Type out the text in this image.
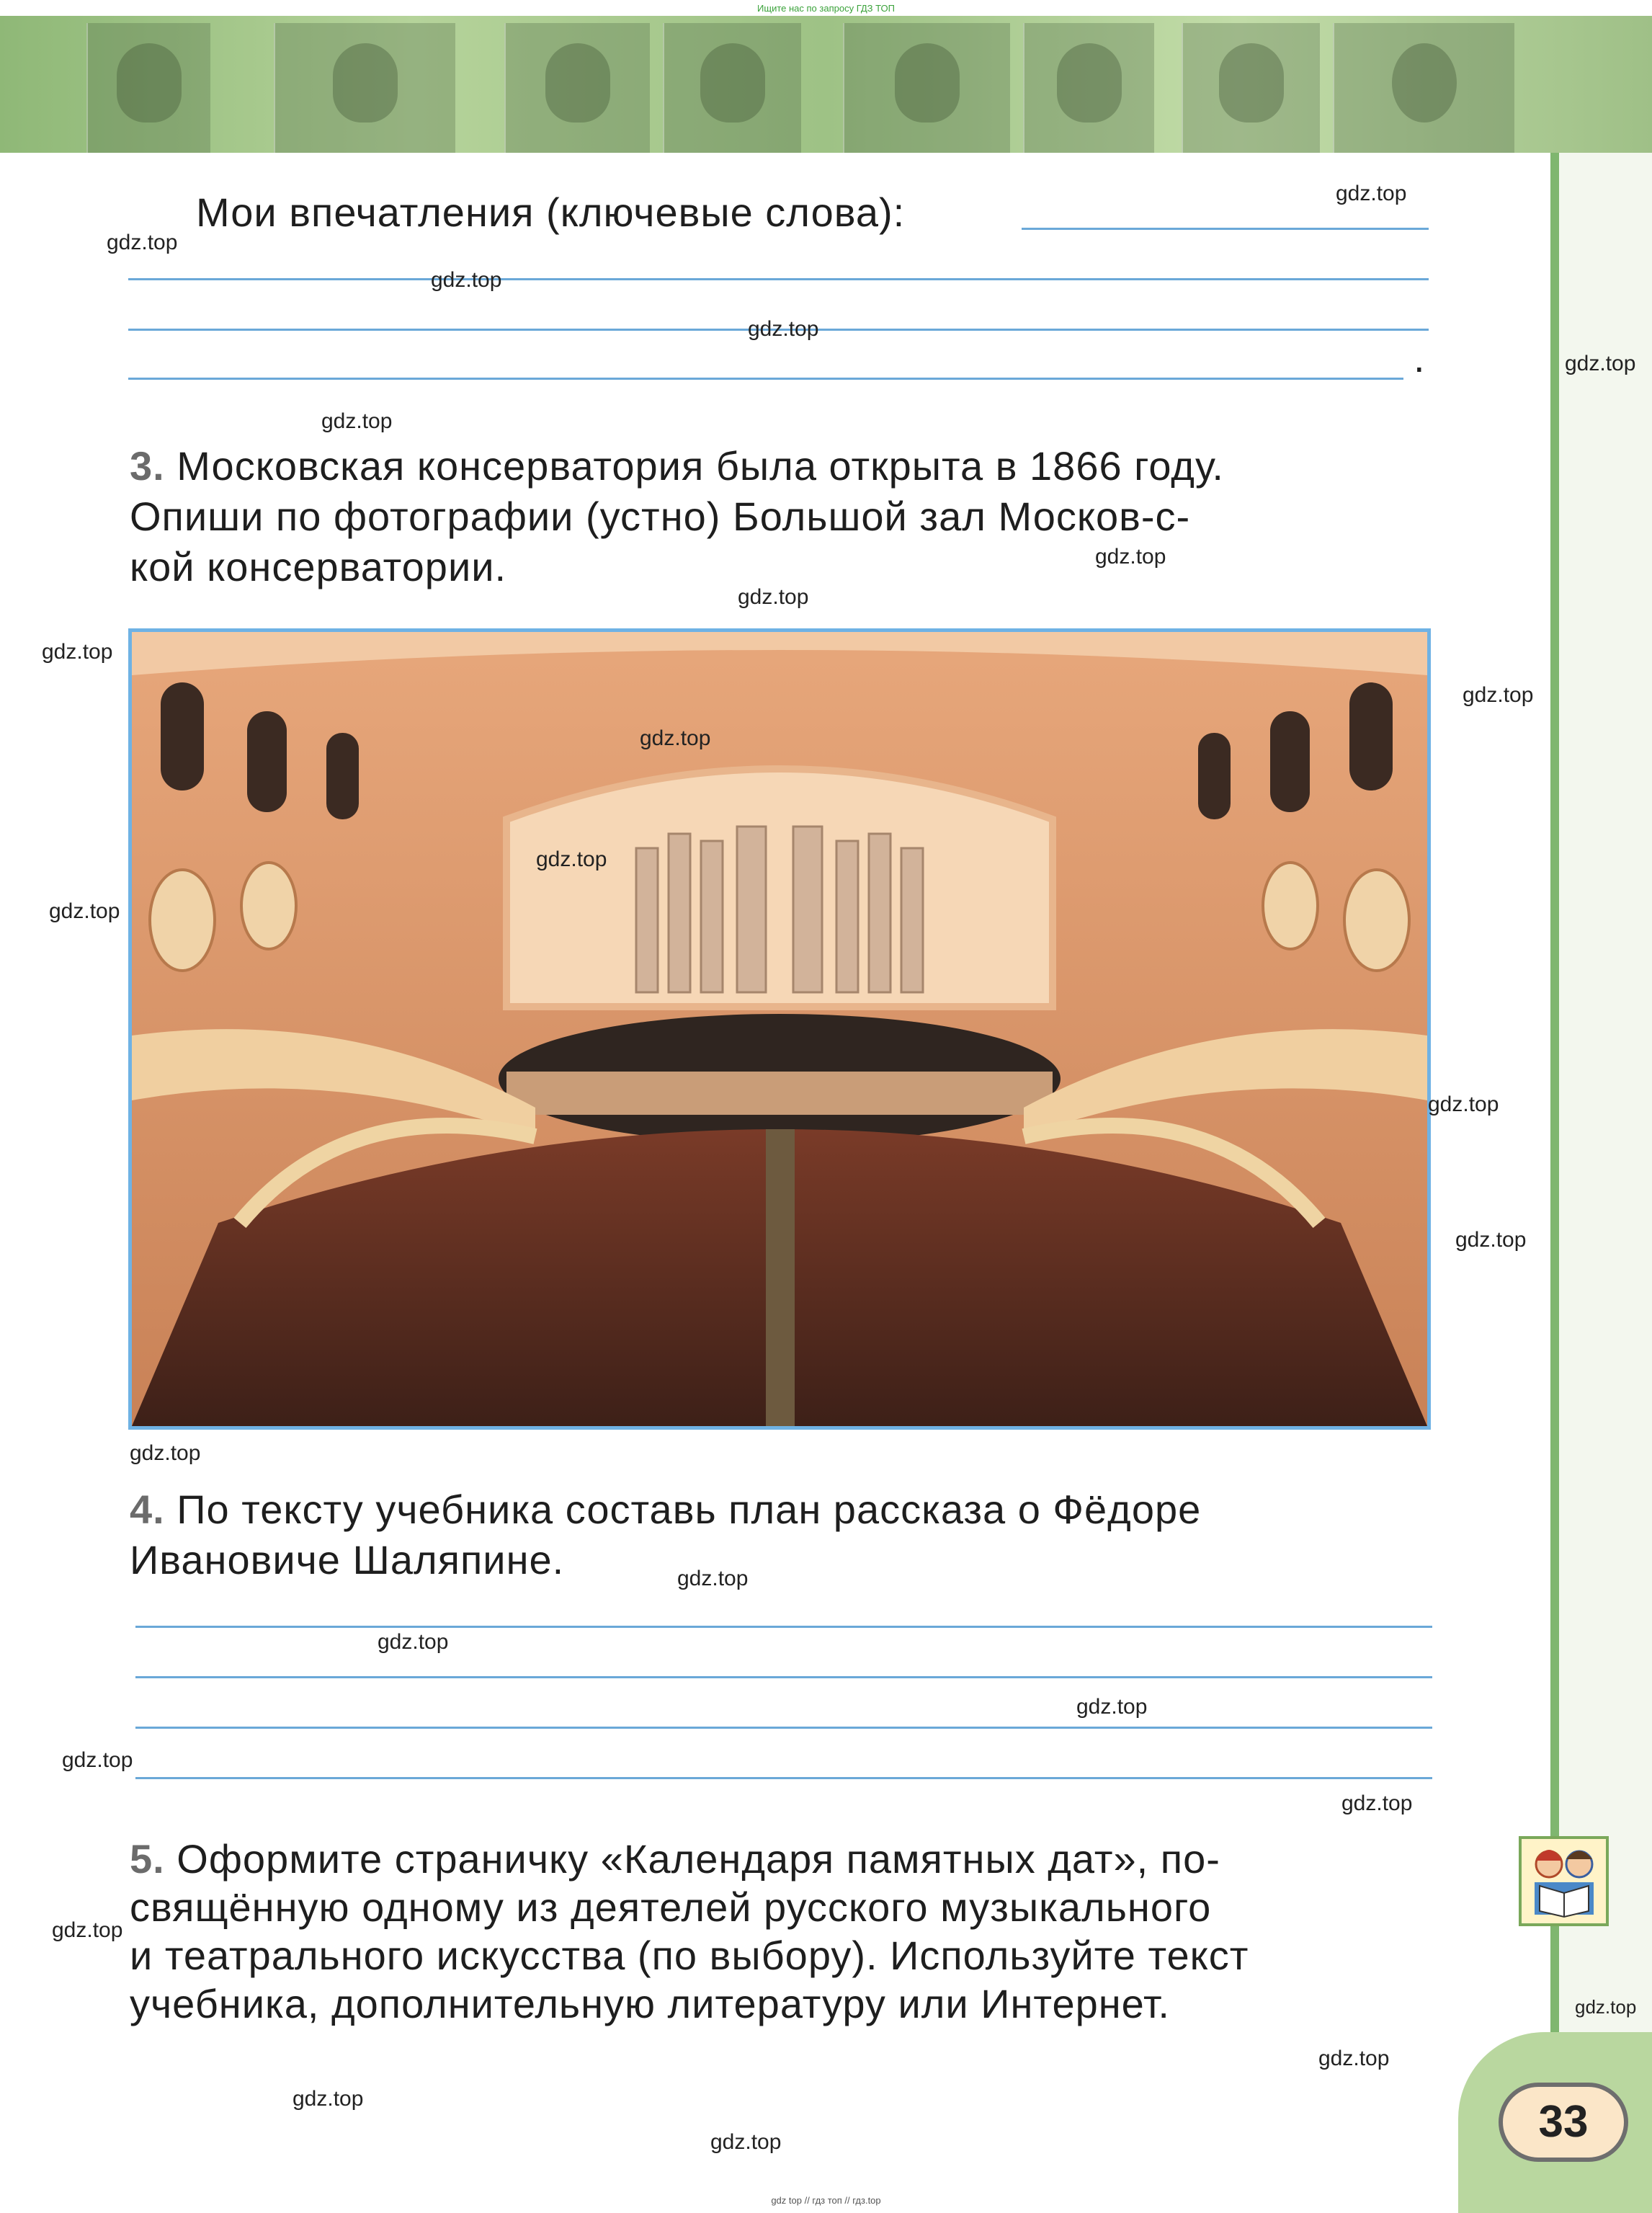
Ищите нас по запросу ГДЗ ТОП
Мои впечатления (ключевые слова):
.
3. Московская консерватория была открыта в 1866 году.
Опиши по фотографии (устно) Большой зал Москов-с-
кой консерватории.
4. По тексту учебника составь план рассказа о Фёдоре
Ивановиче Шаляпине.
5. Оформите страничку «Календаря памятных дат», по-
свящённую одному из деятелей русского музыкального
и театрального искусства (по выбору). Используйте текст
учебника, дополнительную литературу или Интернет.
33
gdz.top
gdz.top
gdz.top
gdz.top
gdz.top
gdz.top
gdz.top
gdz.top
gdz.top
gdz.top
gdz.top
gdz.top
gdz.top
gdz.top
gdz.top
gdz.top
gdz.top
gdz.top
gdz.top
gdz.top
gdz.top
gdz.top
gdz.top
gdz.top
gdz.top
gdz.top
gdz top // гдз топ // гдз.top
